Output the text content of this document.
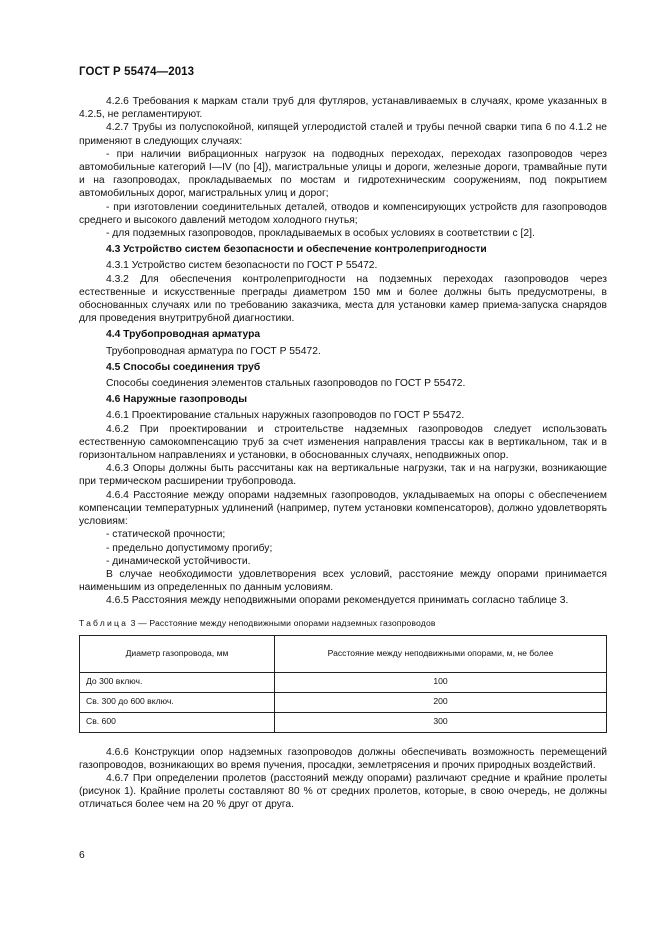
ГОСТ Р 55474—2013

4.2.6 Требования к маркам стали труб для футляров, устанавливаемых в случаях, кроме указанных в 4.2.5, не регламентируют.

4.2.7 Трубы из полуспокойной, кипящей углеродистой сталей и трубы печной сварки типа 6 по 4.1.2 не применяют в следующих случаях:

- при наличии вибрационных нагрузок на подводных переходах, переходах газопроводов через автомобильные категорий I—IV (по [4]), магистральные улицы и дороги, железные дороги, трамвайные пути и на газопроводах, прокладываемых по мостам и гидротехническим сооружениям, под покрытием автомобильных дорог, магистральных улиц и дорог;

- при изготовлении соединительных деталей, отводов и компенсирующих устройств для газопроводов среднего и высокого давлений методом холодного гнутья;

- для подземных газопроводов, прокладываемых в особых условиях в соответствии с [2].

4.3 Устройство систем безопасности и обеспечение контролепригодности

4.3.1 Устройство систем безопасности по ГОСТ Р 55472.

4.3.2 Для обеспечения контролепригодности на подземных переходах газопроводов через естественные и искусственные преграды диаметром 150 мм и более должны быть предусмотрены, в обоснованных случаях или по требованию заказчика, места для установки камер приема-запуска снарядов для проведения внутритрубной диагностики.

4.4 Трубопроводная арматура

Трубопроводная арматура по ГОСТ Р 55472.

4.5 Способы соединения труб

Способы соединения элементов стальных газопроводов по ГОСТ Р 55472.

4.6 Наружные газопроводы

4.6.1 Проектирование стальных наружных газопроводов по ГОСТ Р 55472.

4.6.2 При проектировании и строительстве надземных газопроводов следует использовать естественную самокомпенсацию труб за счет изменения направления трассы как в вертикальном, так и в горизонтальном направлениях и установки, в обоснованных случаях, неподвижных опор.

4.6.3 Опоры должны быть рассчитаны как на вертикальные нагрузки, так и на нагрузки, возникающие при термическом расширении трубопровода.

4.6.4 Расстояние между опорами надземных газопроводов, укладываемых на опоры с обеспечением компенсации температурных удлинений (например, путем установки компенсаторов), должно удовлетворять условиям:

- статической прочности;

- предельно допустимому прогибу;

- динамической устойчивости.

В случае необходимости удовлетворения всех условий, расстояние между опорами принимается наименьшим из определенных по данным условиям.

4.6.5 Расстояния между неподвижными опорами рекомендуется принимать согласно таблице 3.

Таблица 3 — Расстояние между неподвижными опорами надземных газопроводов
Диаметр газопровода, мм	Расстояние между неподвижными опорами, м, не более
До 300 включ.	100
Св. 300 до 600 включ.	200
Св. 600	300

4.6.6 Конструкции опор надземных газопроводов должны обеспечивать возможность перемещений газопроводов, возникающих во время пучения, просадки, землетрясения и прочих природных воздействий.

4.6.7 При определении пролетов (расстояний между опорами) различают средние и крайние пролеты (рисунок 1). Крайние пролеты составляют 80 % от средних пролетов, которые, в свою очередь, не должны отличаться более чем на 20 % друг от друга.

6
